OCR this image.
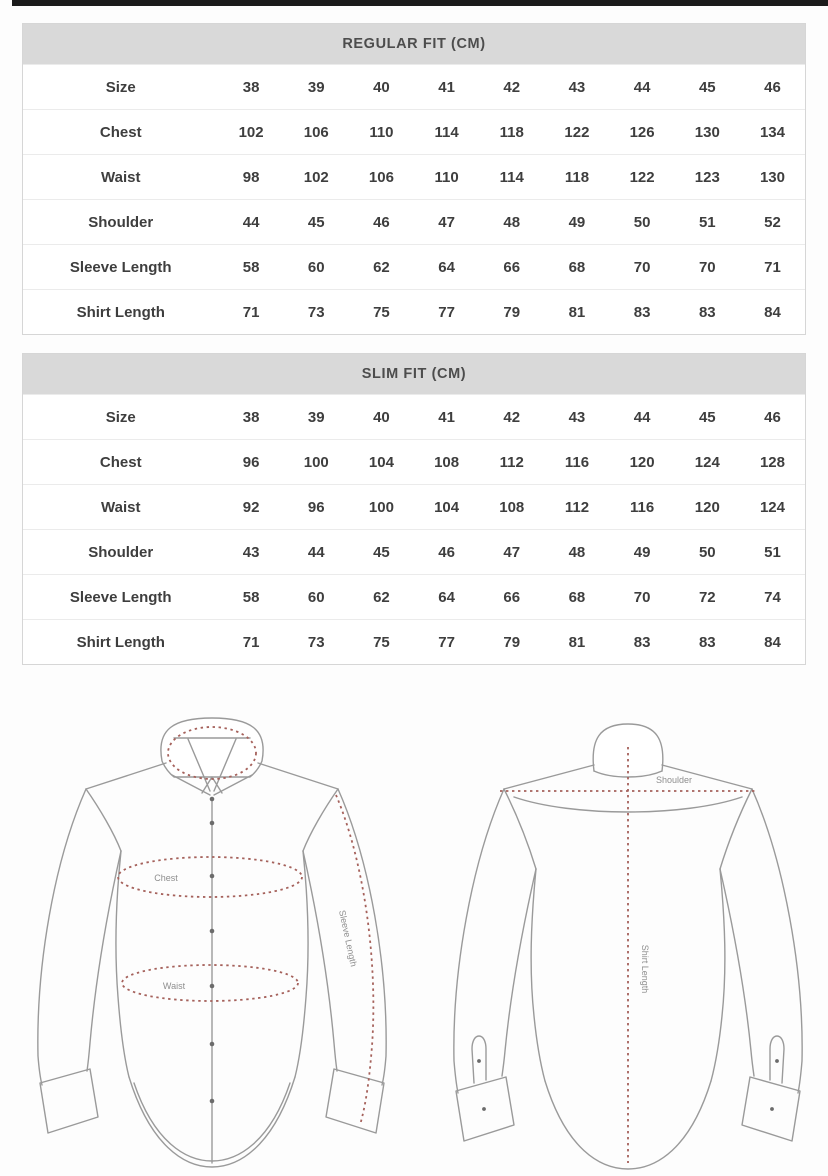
REGULAR FIT (CM)
Size	38	39	40	41	42	43	44	45	46
Chest	102	106	110	114	118	122	126	130	134
Waist	98	102	106	110	114	118	122	123	130
Shoulder	44	45	46	47	48	49	50	51	52
Sleeve Length	58	60	62	64	66	68	70	70	71
Shirt Length	71	73	75	77	79	81	83	83	84
SLIM FIT (CM)
Size	38	39	40	41	42	43	44	45	46
Chest	96	100	104	108	112	116	120	124	128
Waist	92	96	100	104	108	112	116	120	124
Shoulder	43	44	45	46	47	48	49	50	51
Sleeve Length	58	60	62	64	66	68	70	72	74
Shirt Length	71	73	75	77	79	81	83	83	84
Chest
Waist
Sleeve Length
Shoulder
Shirt Length
